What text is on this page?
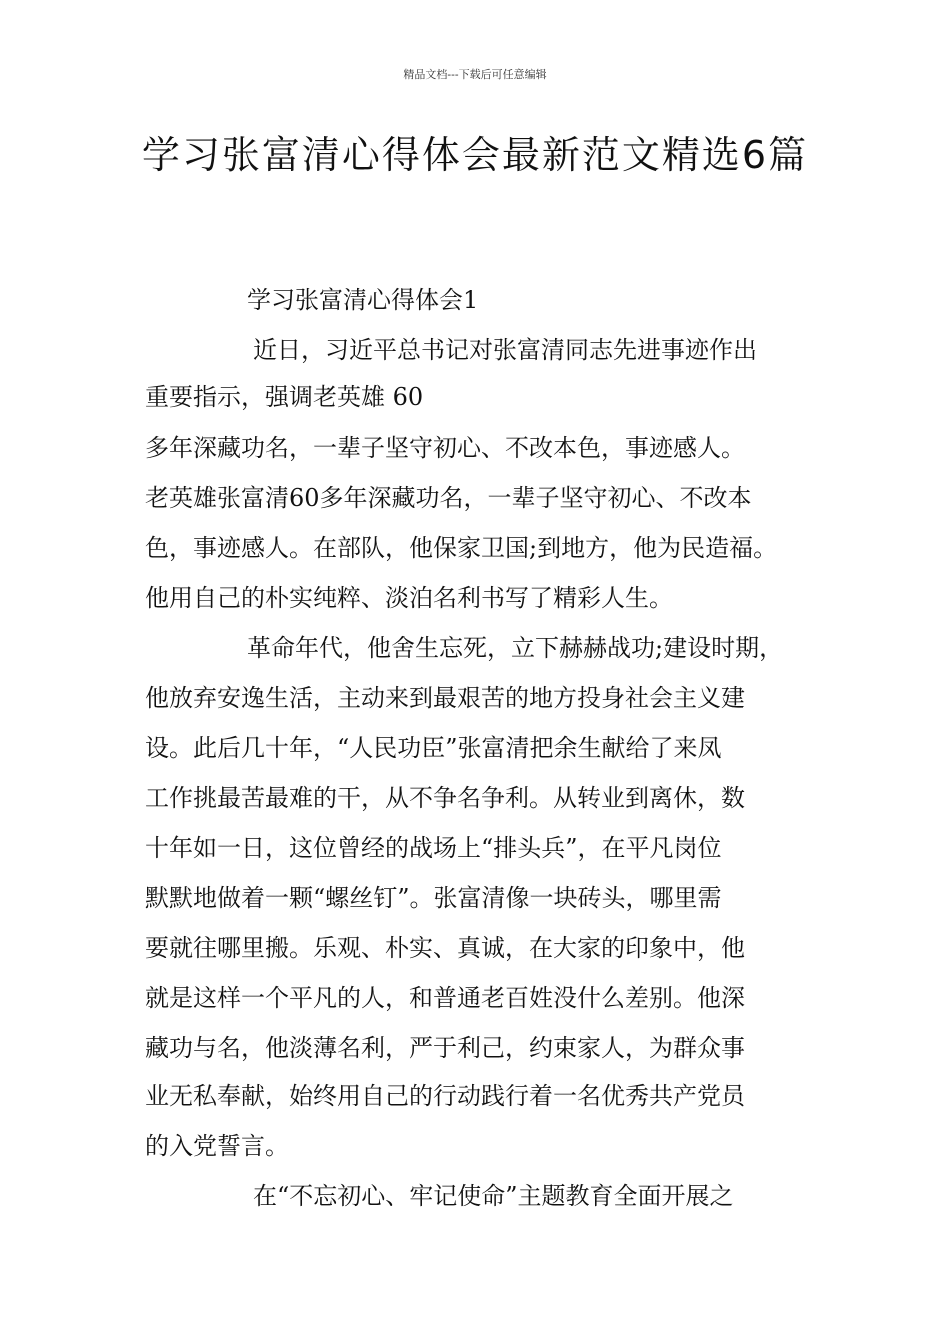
精品文档---下载后可任意编辑
学习张富清心得体会最新范文精选6篇
学习张富清心得体会1
近日，习近平总书记对张富清同志先进事迹作出
重要指示，强调老英雄 60
多年深藏功名，一辈子坚守初心、不改本色，事迹感人。
老英雄张富清60多年深藏功名，一辈子坚守初心、不改本
色，事迹感人。在部队，他保家卫国;到地方，他为民造福。
他用自己的朴实纯粹、淡泊名利书写了精彩人生。
革命年代，他舍生忘死，立下赫赫战功;建设时期，
他放弃安逸生活，主动来到最艰苦的地方投身社会主义建
设。此后几十年，“人民功臣”张富清把余生献给了来凤
工作挑最苦最难的干，从不争名争利。从转业到离休，数
十年如一日，这位曾经的战场上“排头兵”，在平凡岗位
默默地做着一颗“螺丝钉”。张富清像一块砖头，哪里需
要就往哪里搬。乐观、朴实、真诚，在大家的印象中，他
就是这样一个平凡的人，和普通老百姓没什么差别。他深
藏功与名，他淡薄名利，严于利己，约束家人，为群众事
业无私奉献，始终用自己的行动践行着一名优秀共产党员
的入党誓言。
在“不忘初心、牢记使命”主题教育全面开展之
